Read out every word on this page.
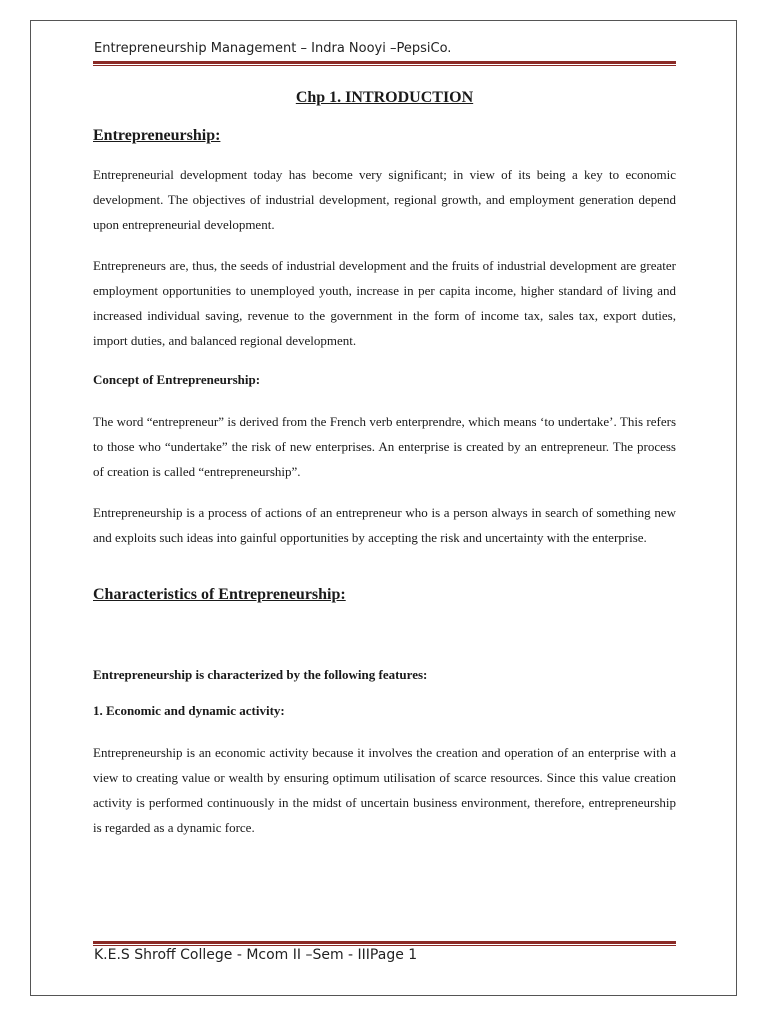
Entrepreneurship Management – Indra Nooyi –PepsiCo.
Chp 1. INTRODUCTION
Entrepreneurship:

Entrepreneurial development today has become very significant; in view of its being a key to economic development. The objectives of industrial development, regional growth, and employment generation depend upon entrepreneurial development.

Entrepreneurs are, thus, the seeds of industrial development and the fruits of industrial development are greater employment opportunities to unemployed youth, increase in per capita income, higher standard of living and increased individual saving, revenue to the government in the form of income tax, sales tax, export duties, import duties, and balanced regional development.

Concept of Entrepreneurship:

The word “entrepreneur” is derived from the French verb enterprendre, which means ‘to undertake’. This refers to those who “undertake” the risk of new enterprises. An enterprise is created by an entrepreneur. The process of creation is called “entrepreneurship”.

Entrepreneurship is a process of actions of an entrepreneur who is a person always in search of something new and exploits such ideas into gainful opportunities by accepting the risk and uncertainty with the enterprise.

Characteristics of Entrepreneurship:
Entrepreneurship is characterized by the following features:
1. Economic and dynamic activity:

Entrepreneurship is an economic activity because it involves the creation and operation of an enterprise with a view to creating value or wealth by ensuring optimum utilisation of scarce resources. Since this value creation activity is performed continuously in the midst of uncertain business environment, therefore, entrepreneurship is regarded as a dynamic force.

K.E.S Shroff College - Mcom II –Sem - IIIPage 1
